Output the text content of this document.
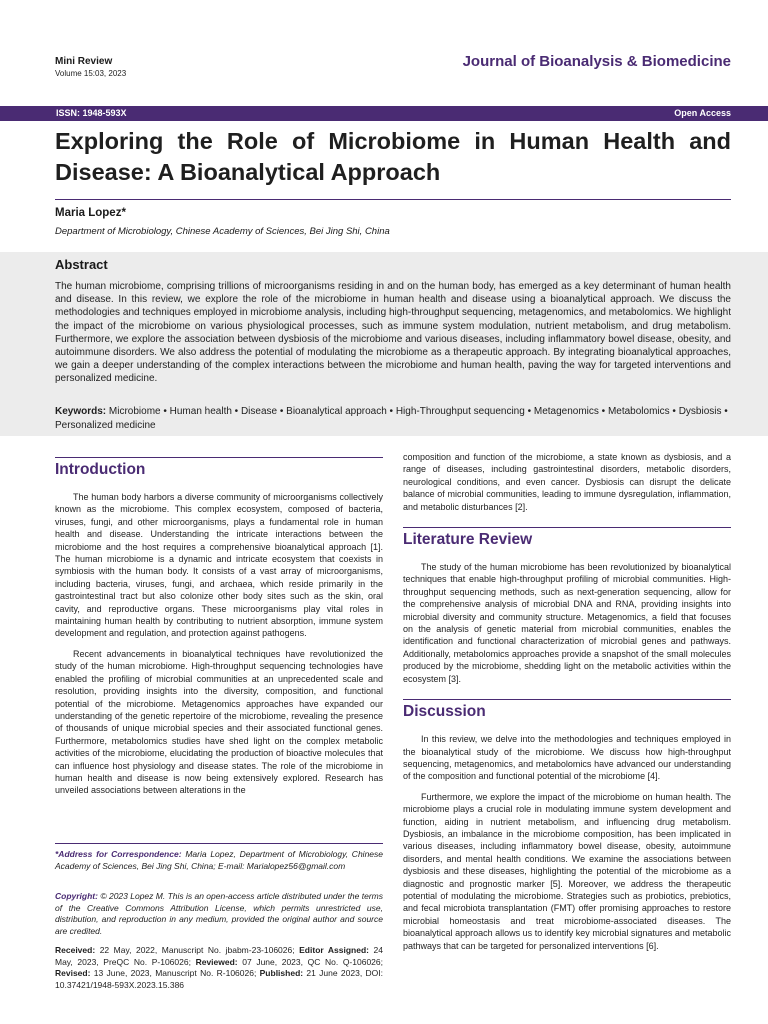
Mini Review
Volume 15:03, 2023
Journal of Bioanalysis & Biomedicine
ISSN: 1948-593X	Open Access
Exploring the Role of Microbiome in Human Health and Disease: A Bioanalytical Approach
Maria Lopez*
Department of Microbiology, Chinese Academy of Sciences, Bei Jing Shi, China
Abstract

The human microbiome, comprising trillions of microorganisms residing in and on the human body, has emerged as a key determinant of human health and disease. In this review, we explore the role of the microbiome in human health and disease using a bioanalytical approach. We discuss the methodologies and techniques employed in microbiome analysis, including high-throughput sequencing, metagenomics, and metabolomics. We highlight the impact of the microbiome on various physiological processes, such as immune system modulation, nutrient metabolism, and drug metabolism. Furthermore, we explore the association between dysbiosis of the microbiome and various diseases, including inflammatory bowel disease, obesity, and autoimmune disorders. We also address the potential of modulating the microbiome as a therapeutic approach. By integrating bioanalytical approaches, we gain a deeper understanding of the complex interactions between the microbiome and human health, paving the way for targeted interventions and personalized medicine.

Keywords: Microbiome • Human health • Disease • Bioanalytical approach • High-Throughput sequencing • Metagenomics • Metabolomics • Dysbiosis • Personalized medicine
Introduction

The human body harbors a diverse community of microorganisms collectively known as the microbiome. This complex ecosystem, composed of bacteria, viruses, fungi, and other microorganisms, plays a fundamental role in human health and disease. Understanding the intricate interactions between the microbiome and the host requires a comprehensive bioanalytical approach [1]. The human microbiome is a dynamic and intricate ecosystem that coexists in symbiosis with the human body. It consists of a vast array of microorganisms, including bacteria, viruses, fungi, and archaea, which reside primarily in the gastrointestinal tract but also colonize other body sites such as the skin, oral cavity, and reproductive organs. These microorganisms play vital roles in maintaining human health by contributing to nutrient absorption, immune system development and regulation, and protection against pathogens.

Recent advancements in bioanalytical techniques have revolutionized the study of the human microbiome. High-throughput sequencing technologies have enabled the profiling of microbial communities at an unprecedented scale and resolution, providing insights into the diversity, composition, and functional potential of the microbiome. Metagenomics approaches have expanded our understanding of the genetic repertoire of the microbiome, revealing the presence of thousands of unique microbial species and their associated functional genes. Furthermore, metabolomics studies have shed light on the complex metabolic activities of the microbiome, elucidating the production of bioactive molecules that can influence host physiology and disease states. The role of the microbiome in human health and disease is now being extensively explored. Research has unveiled associations between alterations in the

*Address for Correspondence: Maria Lopez, Department of Microbiology, Chinese Academy of Sciences, Bei Jing Shi, China; E-mail: Marialopez56@gmail.com
Copyright: © 2023 Lopez M. This is an open-access article distributed under the terms of the Creative Commons Attribution License, which permits unrestricted use, distribution, and reproduction in any medium, provided the original author and source are credited.
Received: 22 May, 2022, Manuscript No. jbabm-23-106026; Editor Assigned: 24 May, 2023, PreQC No. P-106026; Reviewed: 07 June, 2023, QC No. Q-106026; Revised: 13 June, 2023, Manuscript No. R-106026; Published: 21 June 2023, DOI: 10.37421/1948-593X.2023.15.386

composition and function of the microbiome, a state known as dysbiosis, and a range of diseases, including gastrointestinal disorders, metabolic disorders, neurological conditions, and even cancer. Dysbiosis can disrupt the delicate balance of microbial communities, leading to immune dysregulation, inflammation, and metabolic disturbances [2].

Literature Review

The study of the human microbiome has been revolutionized by bioanalytical techniques that enable high-throughput profiling of microbial communities. High-throughput sequencing methods, such as next-generation sequencing, allow for the comprehensive analysis of microbial DNA and RNA, providing insights into microbial diversity and community structure. Metagenomics, a field that focuses on the analysis of genetic material from microbial communities, enables the identification and functional characterization of microbial genes and pathways. Additionally, metabolomics approaches provide a snapshot of the small molecules produced by the microbiome, shedding light on the metabolic activities within the ecosystem [3].

Discussion

In this review, we delve into the methodologies and techniques employed in the bioanalytical study of the microbiome. We discuss how high-throughput sequencing, metagenomics, and metabolomics have advanced our understanding of the composition and functional potential of the microbiome [4].

Furthermore, we explore the impact of the microbiome on human health. The microbiome plays a crucial role in modulating immune system development and function, aiding in nutrient metabolism, and influencing drug metabolism. Dysbiosis, an imbalance in the microbiome composition, has been implicated in various diseases, including inflammatory bowel disease, obesity, autoimmune disorders, and mental health conditions. We examine the associations between dysbiosis and these diseases, highlighting the potential of the microbiome as a diagnostic and prognostic marker [5]. Moreover, we address the therapeutic potential of modulating the microbiome. Strategies such as probiotics, prebiotics, and fecal microbiota transplantation (FMT) offer promising approaches to restore microbial homeostasis and treat microbiome-associated diseases. The bioanalytical approach allows us to identify key microbial signatures and metabolic pathways that can be targeted for personalized interventions [6].
